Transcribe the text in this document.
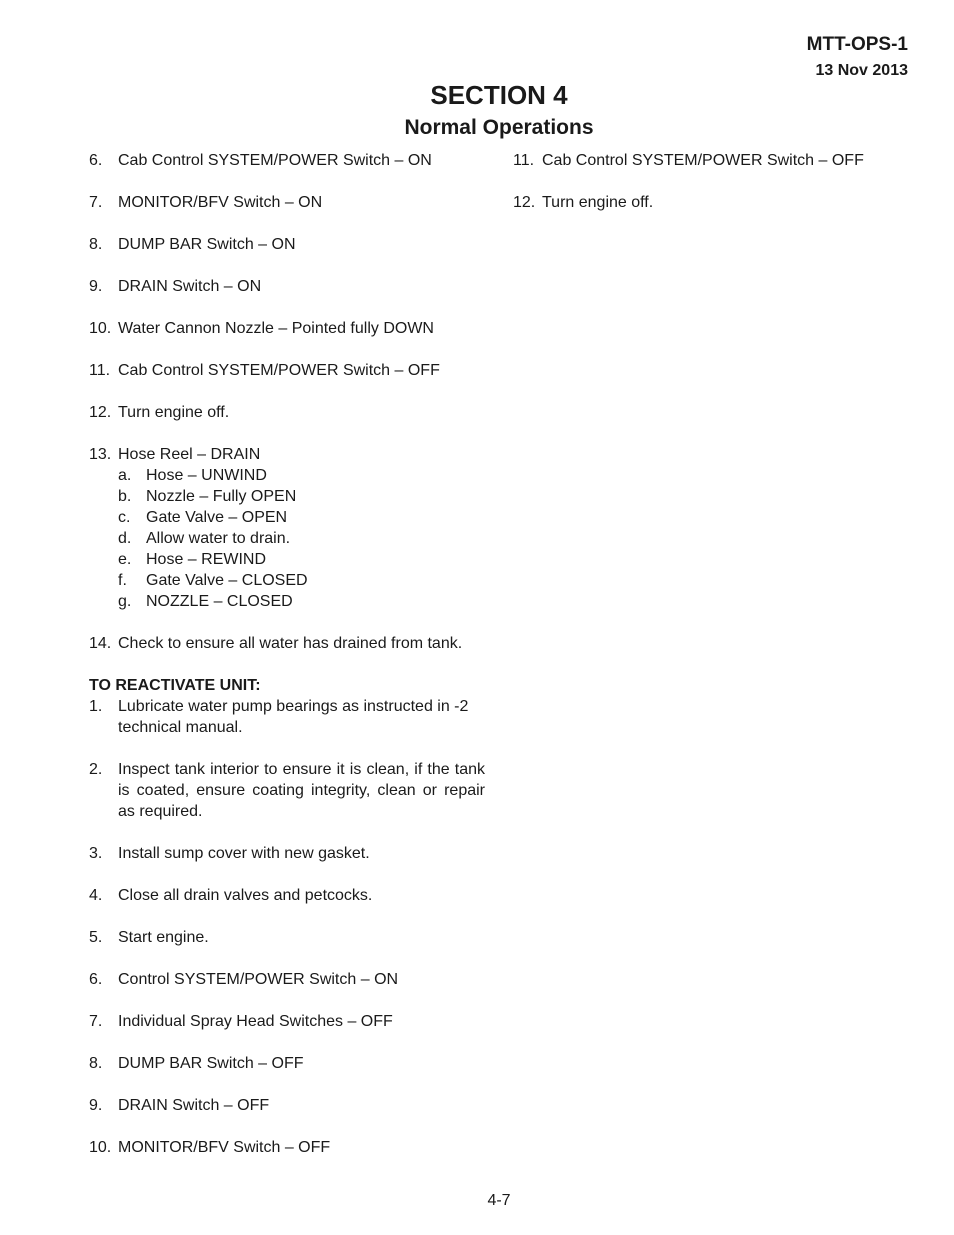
MTT-OPS-1
13 Nov 2013
SECTION 4
Normal Operations
6. Cab Control SYSTEM/POWER Switch – ON
7. MONITOR/BFV Switch – ON
8. DUMP BAR Switch – ON
9. DRAIN Switch – ON
10. Water Cannon Nozzle – Pointed fully DOWN
11. Cab Control SYSTEM/POWER Switch – OFF
12. Turn engine off.
13. Hose Reel – DRAIN
a. Hose – UNWIND
b. Nozzle – Fully OPEN
c. Gate Valve – OPEN
d. Allow water to drain.
e. Hose – REWIND
f.	Gate Valve – CLOSED
g. NOZZLE – CLOSED
14. Check to ensure all water has drained from tank.
TO REACTIVATE UNIT:
1. Lubricate water pump bearings as instructed in -2 technical manual.
2. Inspect tank interior to ensure it is clean, if the tank is coated, ensure coating integrity, clean or repair as required.
3. Install sump cover with new gasket.
4. Close all drain valves and petcocks.
5. Start engine.
6. Control SYSTEM/POWER Switch – ON
7. Individual Spray Head Switches – OFF
8. DUMP BAR Switch – OFF
9. DRAIN Switch – OFF
10. MONITOR/BFV Switch – OFF
11. Cab Control SYSTEM/POWER Switch – OFF
12. Turn engine off.
4-7
